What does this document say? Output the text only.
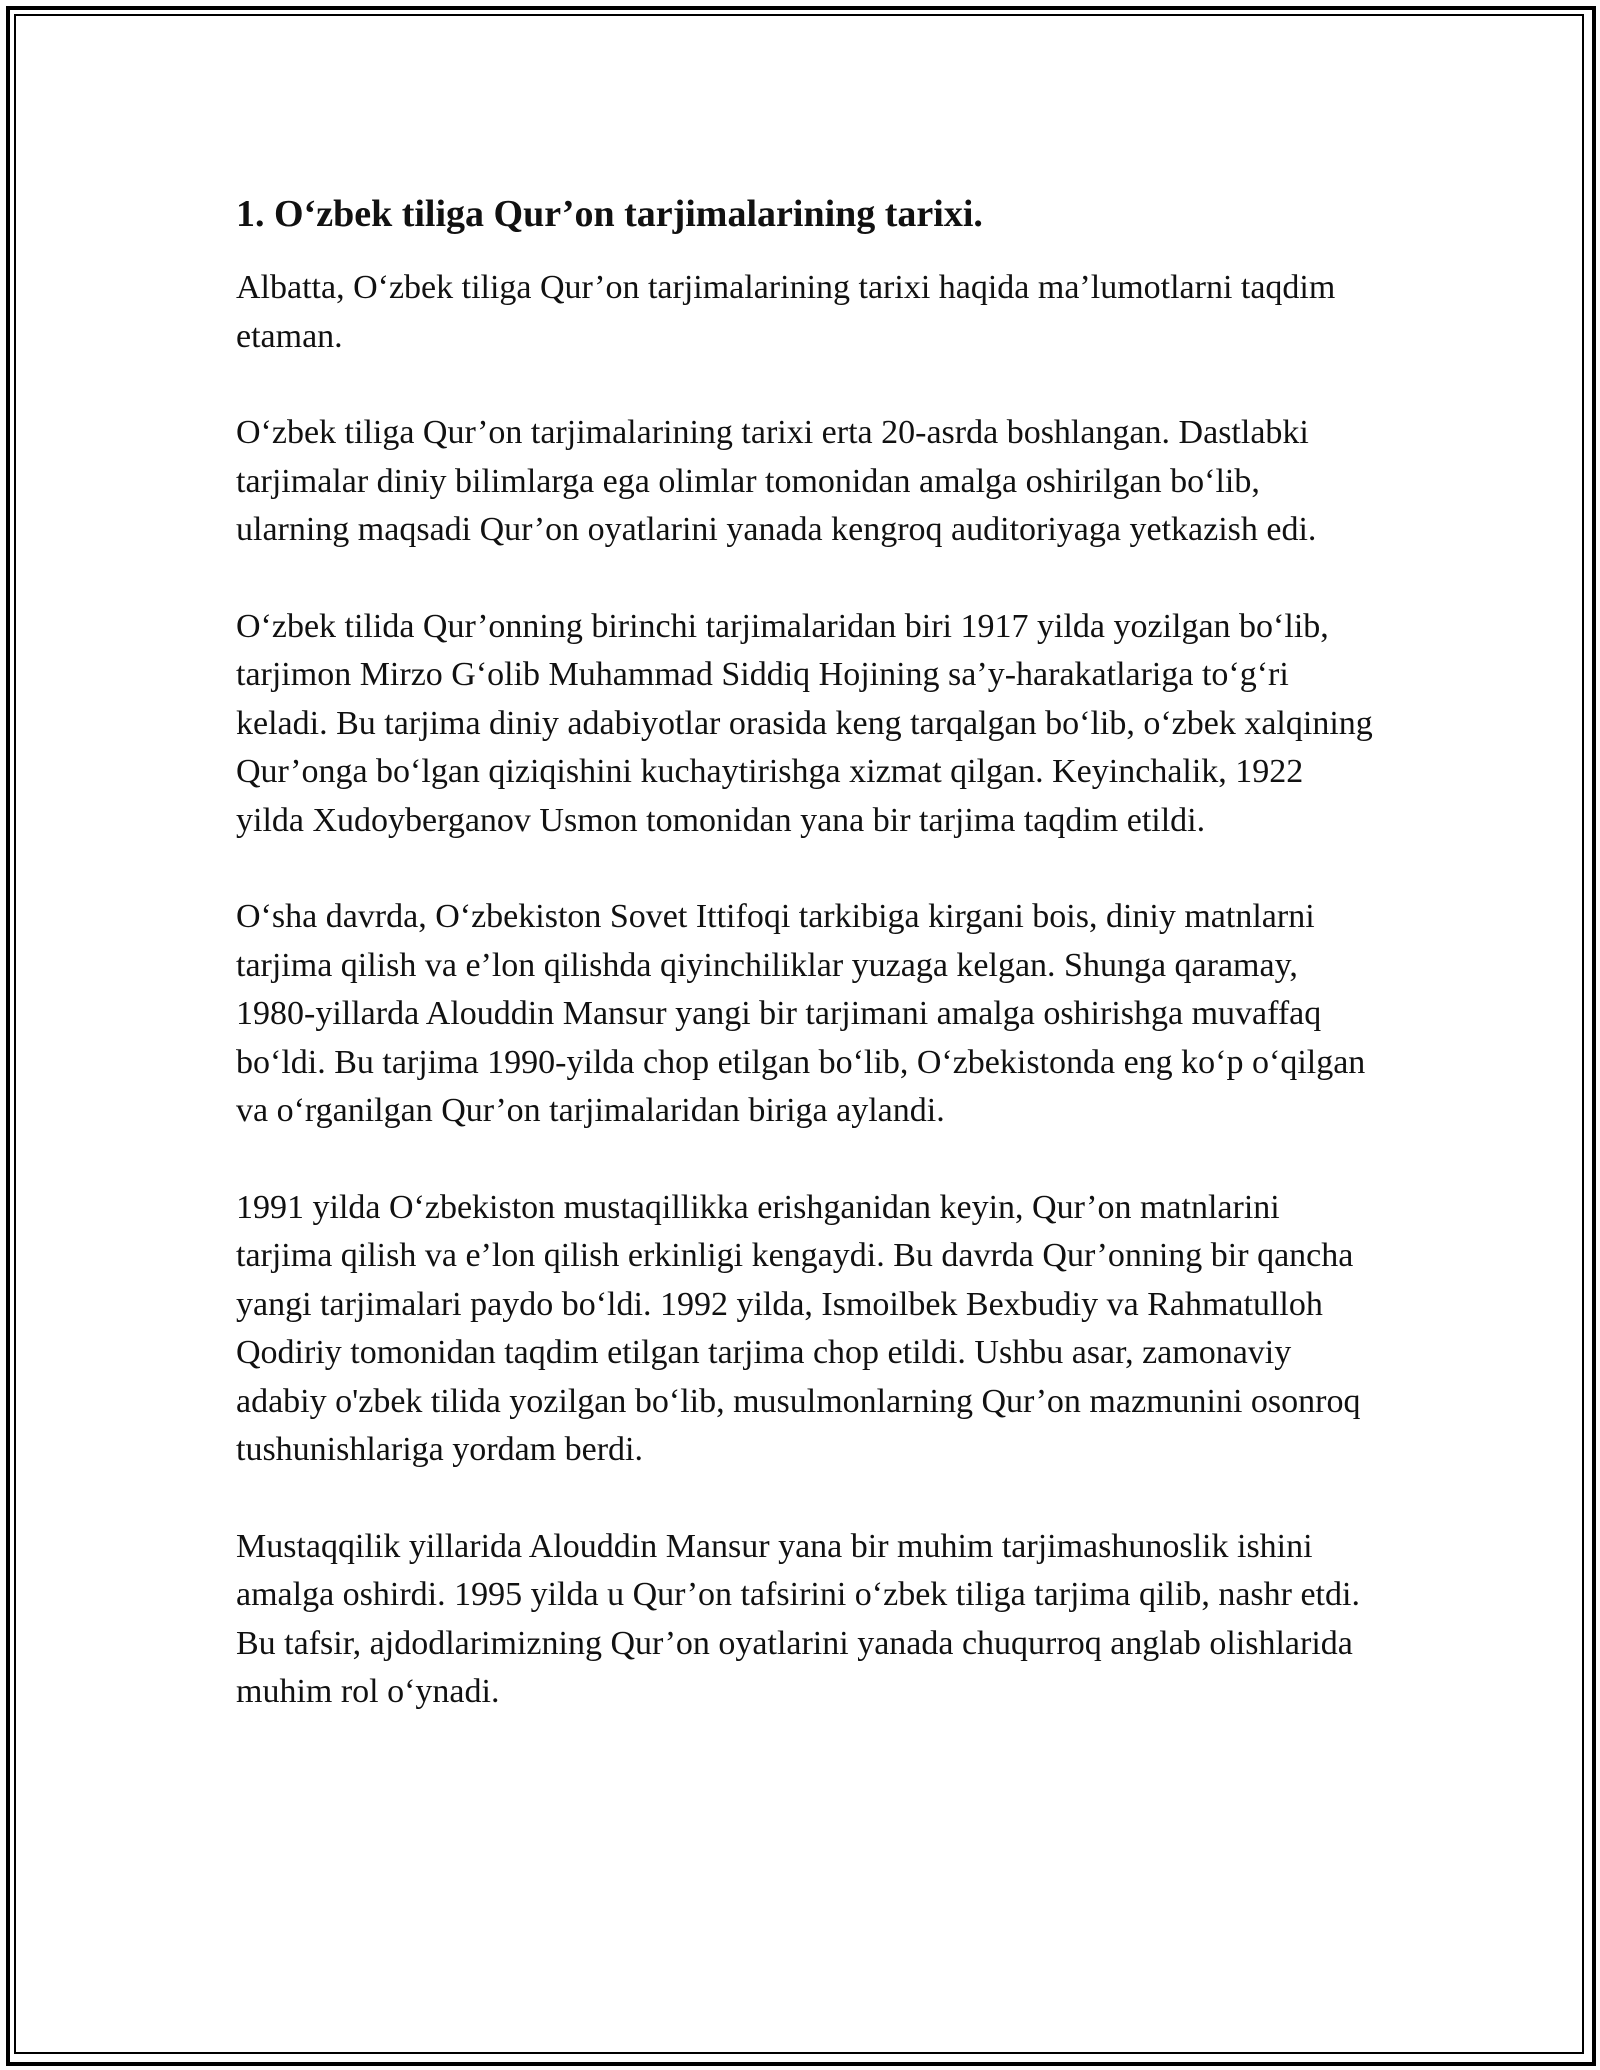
1. O‘zbek tiliga Qur’on tarjimalarining tarixi.

Albatta, O‘zbek tiliga Qur’on tarjimalarining tarixi haqida ma’lumotlarni taqdim etaman.

O‘zbek tiliga Qur’on tarjimalarining tarixi erta 20-asrda boshlangan. Dastlabki tarjimalar diniy bilimlarga ega olimlar tomonidan amalga oshirilgan bo‘lib, ularning maqsadi Qur’on oyatlarini yanada kengroq auditoriyaga yetkazish edi.

O‘zbek tilida Qur’onning birinchi tarjimalaridan biri 1917 yilda yozilgan bo‘lib, tarjimon Mirzo G‘olib Muhammad Siddiq Hojining sa’y-harakatlariga to‘g‘ri keladi. Bu tarjima diniy adabiyotlar orasida keng tarqalgan bo‘lib, o‘zbek xalqining Qur’onga bo‘lgan qiziqishini kuchaytirishga xizmat qilgan. Keyinchalik, 1922 yilda Xudoyberganov Usmon tomonidan yana bir tarjima taqdim etildi.

O‘sha davrda, O‘zbekiston Sovet Ittifoqi tarkibiga kirgani bois, diniy matnlarni tarjima qilish va e’lon qilishda qiyinchiliklar yuzaga kelgan. Shunga qaramay, 1980-yillarda Alouddin Mansur yangi bir tarjimani amalga oshirishga muvaffaq bo‘ldi. Bu tarjima 1990-yilda chop etilgan bo‘lib, O‘zbekistonda eng ko‘p o‘qilgan va o‘rganilgan Qur’on tarjimalaridan biriga aylandi.

1991 yilda O‘zbekiston mustaqillikka erishganidan keyin, Qur’on matnlarini tarjima qilish va e’lon qilish erkinligi kengaydi. Bu davrda Qur’onning bir qancha yangi tarjimalari paydo bo‘ldi. 1992 yilda, Ismoilbek Bexbudiy va Rahmatulloh Qodiriy tomonidan taqdim etilgan tarjima chop etildi. Ushbu asar, zamonaviy adabiy o'zbek tilida yozilgan bo‘lib, musulmonlarning Qur’on mazmunini osonroq tushunishlariga yordam berdi.

Mustaqqilik yillarida Alouddin Mansur yana bir muhim tarjimashunoslik ishini amalga oshirdi. 1995 yilda u Qur’on tafsirini o‘zbek tiliga tarjima qilib, nashr etdi. Bu tafsir, ajdodlarimizning Qur’on oyatlarini yanada chuqurroq anglab olishlarida muhim rol o‘ynadi.
